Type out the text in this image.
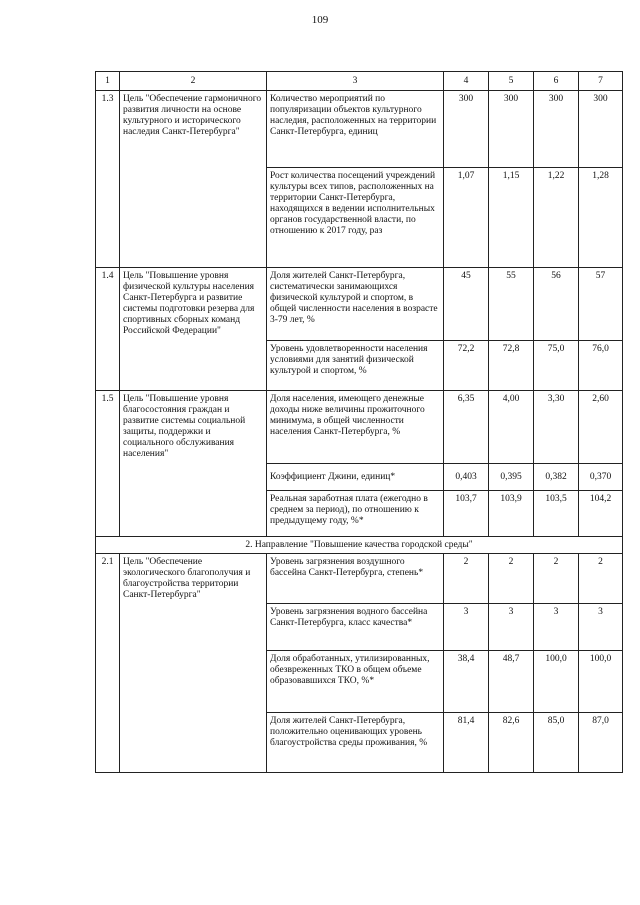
109
1	2	3	4	5	6	7
1.3	Цель "Обеспечение гармоничного развития личности на основе культурного и исторического наследия Санкт-Петербурга"	Количество мероприятий по популяризации объектов культурного наследия, расположенных на территории Санкт-Петербурга, единиц	300	300	300	300
		Рост количества посещений учреждений культуры всех типов, расположенных на территории Санкт-Петербурга, находящихся в ведении исполнительных органов государственной власти, по отношению к 2017 году, раз	1,07	1,15	1,22	1,28
1.4	Цель "Повышение уровня физической культуры населения Санкт-Петербурга и развитие системы подготовки резерва для спортивных сборных команд Российской Федерации"	Доля жителей Санкт-Петербурга, систематически занимающихся физической культурой и спортом, в общей численности населения в возрасте 3-79 лет, %	45	55	56	57
		Уровень удовлетворенности населения условиями для занятий физической культурой и спортом, %	72,2	72,8	75,0	76,0
1.5	Цель "Повышение уровня благосостояния граждан и развитие системы социальной защиты, поддержки и социального обслуживания населения"	Доля населения, имеющего денежные доходы ниже величины прожиточного минимума, в общей численности населения Санкт-Петербурга, %	6,35	4,00	3,30	2,60
		Коэффициент Джини, единиц*	0,403	0,395	0,382	0,370
		Реальная заработная плата (ежегодно в среднем за период), по отношению к предыдущему году, %*	103,7	103,9	103,5	104,2
2. Направление "Повышение качества городской среды"						
2.1	Цель "Обеспечение экологического благополучия и благоустройства территории Санкт-Петербурга"	Уровень загрязнения воздушного бассейна Санкт-Петербурга, степень*	2	2	2	2
		Уровень загрязнения водного бассейна Санкт-Петербурга, класс качества*	3	3	3	3
		Доля обработанных, утилизированных, обезвреженных ТКО в общем объеме образовавшихся ТКО, %*	38,4	48,7	100,0	100,0
		Доля жителей Санкт-Петербурга, положительно оценивающих уровень благоустройства среды проживания, %	81,4	82,6	85,0	87,0
